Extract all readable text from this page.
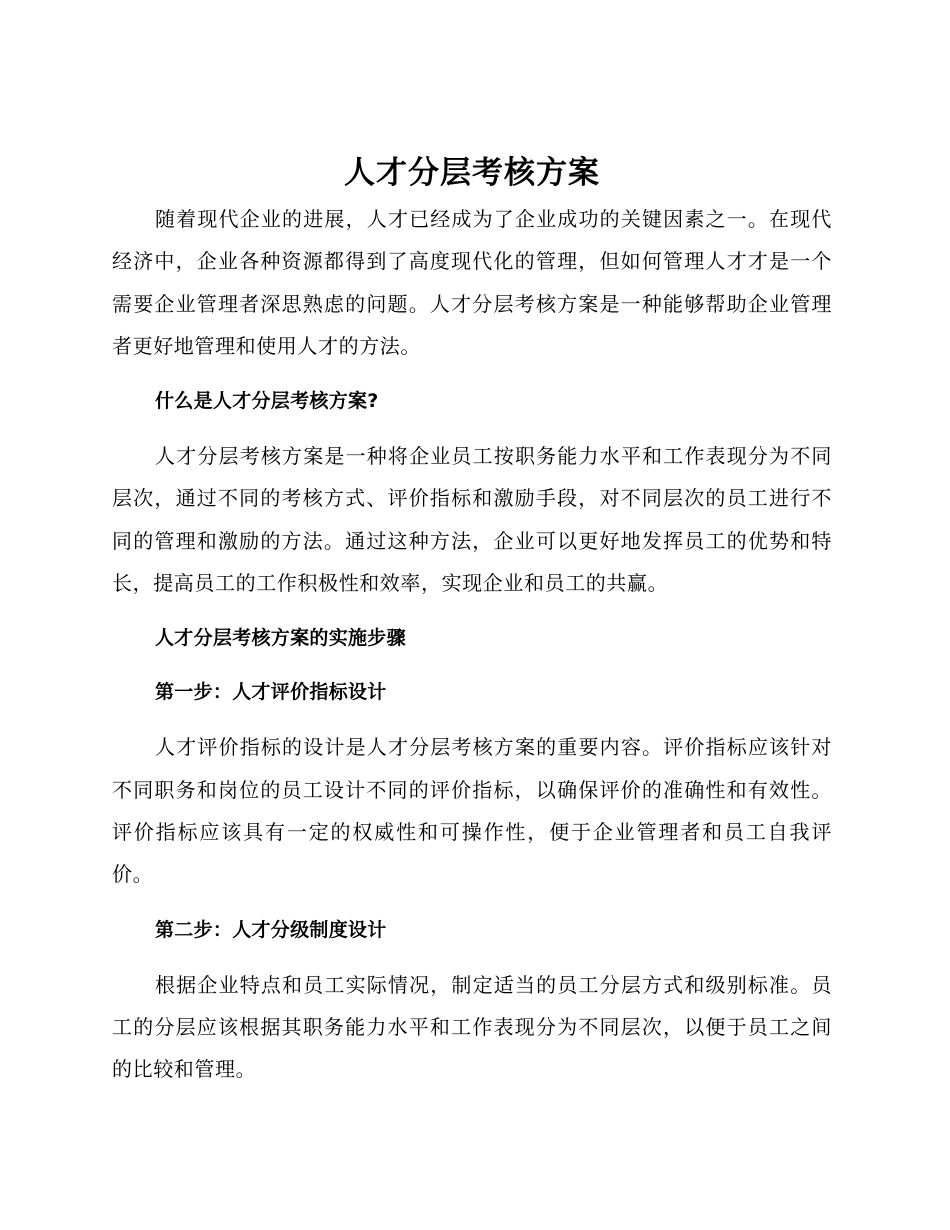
人才分层考核方案

随着现代企业的进展，人才已经成为了企业成功的关键因素之一。在现代经济中，企业各种资源都得到了高度现代化的管理，但如何管理人才才是一个需要企业管理者深思熟虑的问题。人才分层考核方案是一种能够帮助企业管理者更好地管理和使用人才的方法。

什么是人才分层考核方案?

人才分层考核方案是一种将企业员工按职务能力水平和工作表现分为不同层次，通过不同的考核方式、评价指标和激励手段，对不同层次的员工进行不同的管理和激励的方法。通过这种方法，企业可以更好地发挥员工的优势和特长，提高员工的工作积极性和效率，实现企业和员工的共赢。

人才分层考核方案的实施步骤
第一步：人才评价指标设计

人才评价指标的设计是人才分层考核方案的重要内容。评价指标应该针对不同职务和岗位的员工设计不同的评价指标，以确保评价的准确性和有效性。评价指标应该具有一定的权威性和可操作性，便于企业管理者和员工自我评价。

第二步：人才分级制度设计

根据企业特点和员工实际情况，制定适当的员工分层方式和级别标准。员工的分层应该根据其职务能力水平和工作表现分为不同层次，以便于员工之间的比较和管理。
